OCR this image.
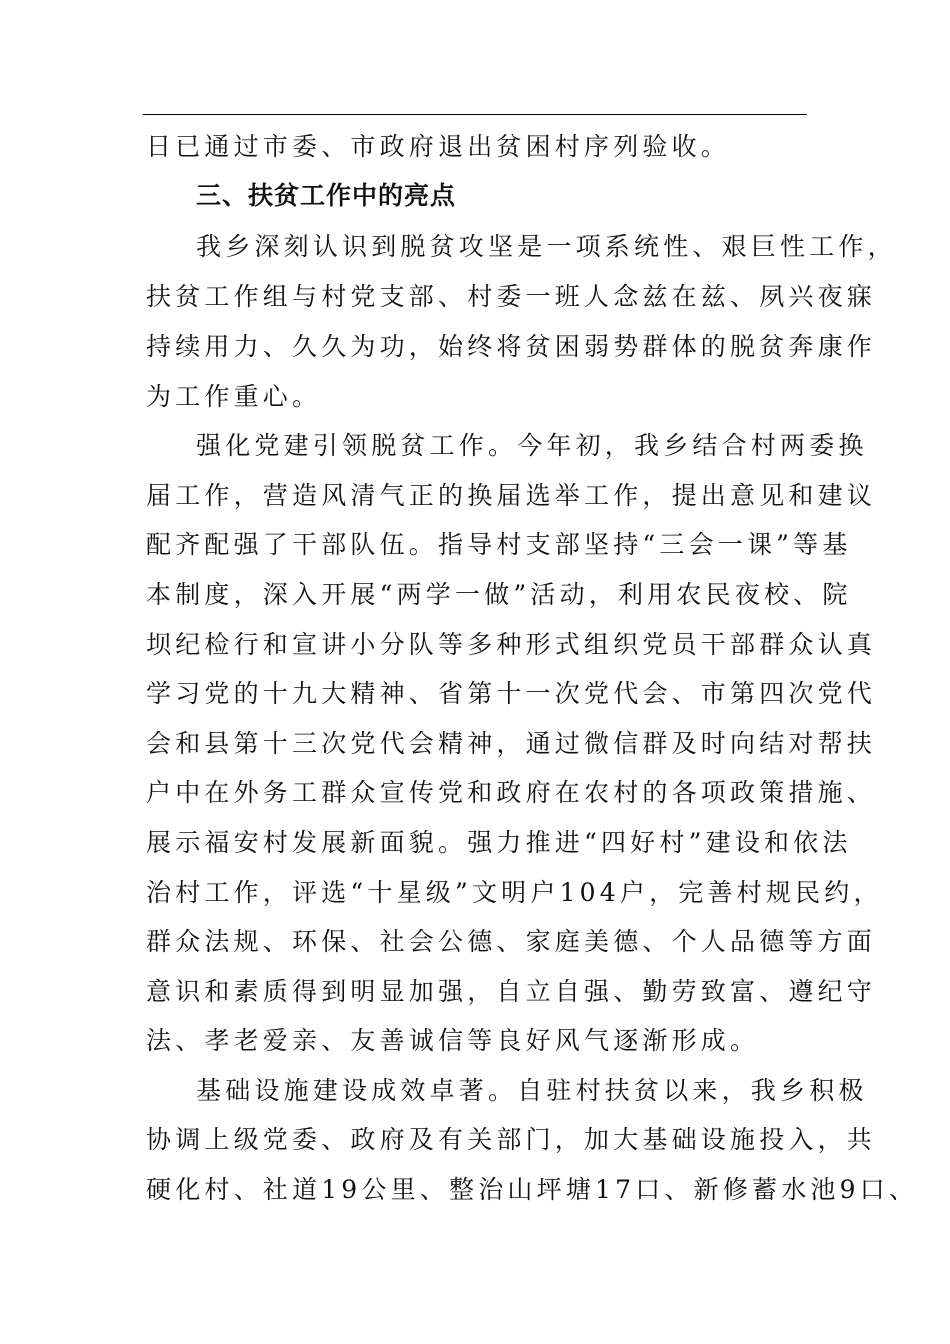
日已通过市委、市政府退出贫困村序列验收。
三、扶贫工作中的亮点
我乡深刻认识到脱贫攻坚是一项系统性、艰巨性工作，
扶贫工作组与村党支部、村委一班人念兹在兹、夙兴夜寐
持续用力、久久为功，始终将贫困弱势群体的脱贫奔康作
为工作重心。
强化党建引领脱贫工作。今年初，我乡结合村两委换
届工作，营造风清气正的换届选举工作，提出意见和建议
配齐配强了干部队伍。指导村支部坚持“三会一课”等基
本制度，深入开展“两学一做”活动，利用农民夜校、院
坝纪检行和宣讲小分队等多种形式组织党员干部群众认真
学习党的十九大精神、省第十一次党代会、市第四次党代
会和县第十三次党代会精神，通过微信群及时向结对帮扶
户中在外务工群众宣传党和政府在农村的各项政策措施、
展示福安村发展新面貌。强力推进“四好村”建设和依法
治村工作，评选“十星级”文明户104户，完善村规民约，
群众法规、环保、社会公德、家庭美德、个人品德等方面
意识和素质得到明显加强，自立自强、勤劳致富、遵纪守
法、孝老爱亲、友善诚信等良好风气逐渐形成。
基础设施建设成效卓著。自驻村扶贫以来，我乡积极
协调上级党委、政府及有关部门，加大基础设施投入，共
硬化村、社道19公里、整治山坪塘17口、新修蓄水池9口、
